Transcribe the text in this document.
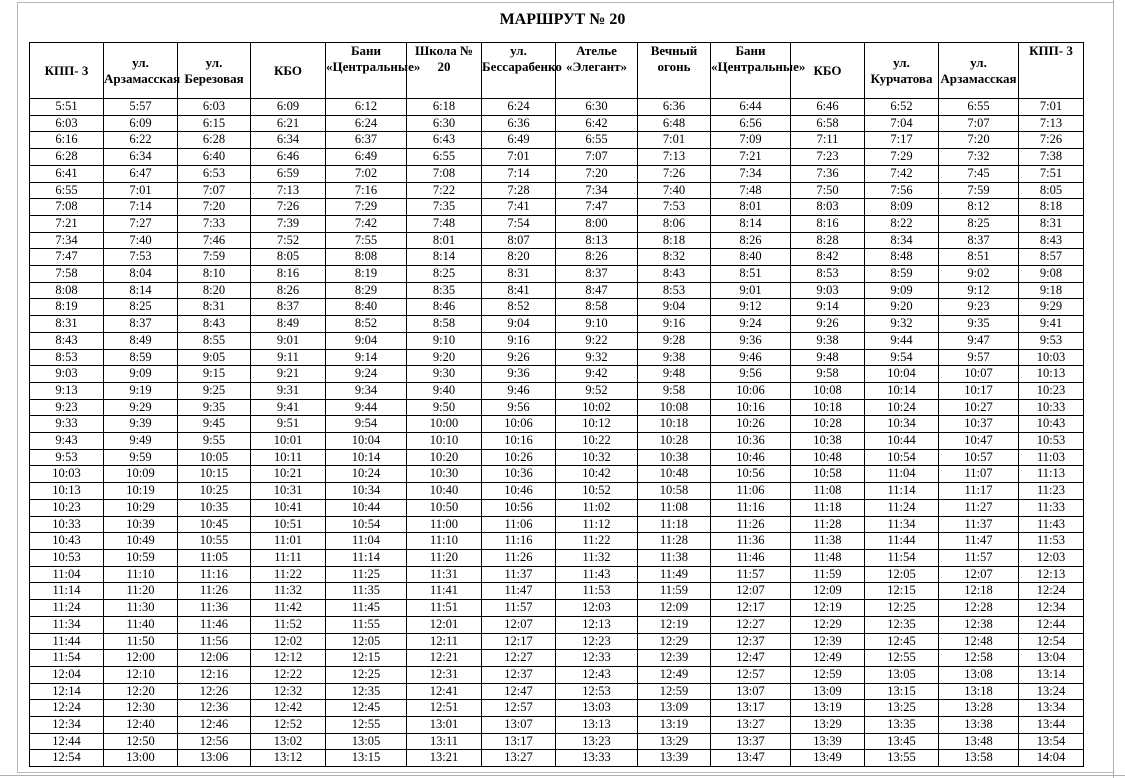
МАРШРУТ № 20
КПП- 3	ул. Арзамасская	ул. Березовая	КБО	Бани «Центральные»	Школа № 20	ул. Бессарабенко	Ателье «Элегант»	Вечный огонь	Бани «Центральные»	КБО	ул. Курчатова	ул. Арзамасская	КПП- 3
5:51	5:57	6:03	6:09	6:12	6:18	6:24	6:30	6:36	6:44	6:46	6:52	6:55	7:01
6:03	6:09	6:15	6:21	6:24	6:30	6:36	6:42	6:48	6:56	6:58	7:04	7:07	7:13
6:16	6:22	6:28	6:34	6:37	6:43	6:49	6:55	7:01	7:09	7:11	7:17	7:20	7:26
6:28	6:34	6:40	6:46	6:49	6:55	7:01	7:07	7:13	7:21	7:23	7:29	7:32	7:38
6:41	6:47	6:53	6:59	7:02	7:08	7:14	7:20	7:26	7:34	7:36	7:42	7:45	7:51
6:55	7:01	7:07	7:13	7:16	7:22	7:28	7:34	7:40	7:48	7:50	7:56	7:59	8:05
7:08	7:14	7:20	7:26	7:29	7:35	7:41	7:47	7:53	8:01	8:03	8:09	8:12	8:18
7:21	7:27	7:33	7:39	7:42	7:48	7:54	8:00	8:06	8:14	8:16	8:22	8:25	8:31
7:34	7:40	7:46	7:52	7:55	8:01	8:07	8:13	8:18	8:26	8:28	8:34	8:37	8:43
7:47	7:53	7:59	8:05	8:08	8:14	8:20	8:26	8:32	8:40	8:42	8:48	8:51	8:57
7:58	8:04	8:10	8:16	8:19	8:25	8:31	8:37	8:43	8:51	8:53	8:59	9:02	9:08
8:08	8:14	8:20	8:26	8:29	8:35	8:41	8:47	8:53	9:01	9:03	9:09	9:12	9:18
8:19	8:25	8:31	8:37	8:40	8:46	8:52	8:58	9:04	9:12	9:14	9:20	9:23	9:29
8:31	8:37	8:43	8:49	8:52	8:58	9:04	9:10	9:16	9:24	9:26	9:32	9:35	9:41
8:43	8:49	8:55	9:01	9:04	9:10	9:16	9:22	9:28	9:36	9:38	9:44	9:47	9:53
8:53	8:59	9:05	9:11	9:14	9:20	9:26	9:32	9:38	9:46	9:48	9:54	9:57	10:03
9:03	9:09	9:15	9:21	9:24	9:30	9:36	9:42	9:48	9:56	9:58	10:04	10:07	10:13
9:13	9:19	9:25	9:31	9:34	9:40	9:46	9:52	9:58	10:06	10:08	10:14	10:17	10:23
9:23	9:29	9:35	9:41	9:44	9:50	9:56	10:02	10:08	10:16	10:18	10:24	10:27	10:33
9:33	9:39	9:45	9:51	9:54	10:00	10:06	10:12	10:18	10:26	10:28	10:34	10:37	10:43
9:43	9:49	9:55	10:01	10:04	10:10	10:16	10:22	10:28	10:36	10:38	10:44	10:47	10:53
9:53	9:59	10:05	10:11	10:14	10:20	10:26	10:32	10:38	10:46	10:48	10:54	10:57	11:03
10:03	10:09	10:15	10:21	10:24	10:30	10:36	10:42	10:48	10:56	10:58	11:04	11:07	11:13
10:13	10:19	10:25	10:31	10:34	10:40	10:46	10:52	10:58	11:06	11:08	11:14	11:17	11:23
10:23	10:29	10:35	10:41	10:44	10:50	10:56	11:02	11:08	11:16	11:18	11:24	11:27	11:33
10:33	10:39	10:45	10:51	10:54	11:00	11:06	11:12	11:18	11:26	11:28	11:34	11:37	11:43
10:43	10:49	10:55	11:01	11:04	11:10	11:16	11:22	11:28	11:36	11:38	11:44	11:47	11:53
10:53	10:59	11:05	11:11	11:14	11:20	11:26	11:32	11:38	11:46	11:48	11:54	11:57	12:03
11:04	11:10	11:16	11:22	11:25	11:31	11:37	11:43	11:49	11:57	11:59	12:05	12:07	12:13
11:14	11:20	11:26	11:32	11:35	11:41	11:47	11:53	11:59	12:07	12:09	12:15	12:18	12:24
11:24	11:30	11:36	11:42	11:45	11:51	11:57	12:03	12:09	12:17	12:19	12:25	12:28	12:34
11:34	11:40	11:46	11:52	11:55	12:01	12:07	12:13	12:19	12:27	12:29	12:35	12:38	12:44
11:44	11:50	11:56	12:02	12:05	12:11	12:17	12:23	12:29	12:37	12:39	12:45	12:48	12:54
11:54	12:00	12:06	12:12	12:15	12:21	12:27	12:33	12:39	12:47	12:49	12:55	12:58	13:04
12:04	12:10	12:16	12:22	12:25	12:31	12:37	12:43	12:49	12:57	12:59	13:05	13:08	13:14
12:14	12:20	12:26	12:32	12:35	12:41	12:47	12:53	12:59	13:07	13:09	13:15	13:18	13:24
12:24	12:30	12:36	12:42	12:45	12:51	12:57	13:03	13:09	13:17	13:19	13:25	13:28	13:34
12:34	12:40	12:46	12:52	12:55	13:01	13:07	13:13	13:19	13:27	13:29	13:35	13:38	13:44
12:44	12:50	12:56	13:02	13:05	13:11	13:17	13:23	13:29	13:37	13:39	13:45	13:48	13:54
12:54	13:00	13:06	13:12	13:15	13:21	13:27	13:33	13:39	13:47	13:49	13:55	13:58	14:04
